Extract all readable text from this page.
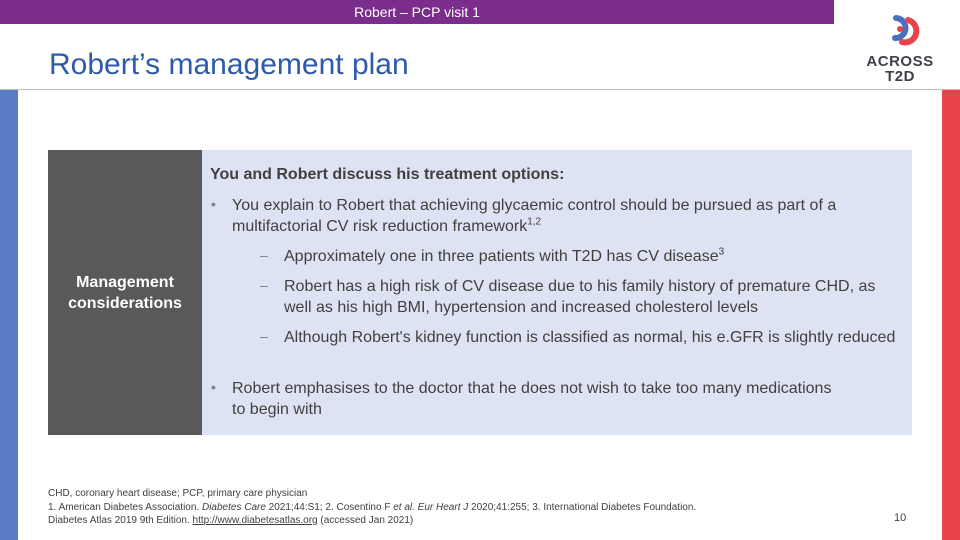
Robert – PCP visit 1
Robert’s management plan	ACROSS
T2D
Management
considerations
You and Robert discuss his treatment options:
• You explain to Robert that achieving glycaemic control should be pursued as part of a multifactorial CV risk reduction framework$^{1,2}$
– Approximately one in three patients with T2D has CV disease$^3$
– Robert has a high risk of CV disease due to his family history of premature CHD, as well as his high BMI, hypertension and increased cholesterol levels
– Although Robert's kidney function is classified as normal, his e.GFR is slightly reduced
• Robert emphasises to the doctor that he does not wish to take too many medications to begin with
CHD, coronary heart disease; PCP, primary care physician
1. American Diabetes Association. Diabetes Care 2021;44:S1; 2. Cosentino F et al. Eur Heart J 2020;41:255; 3. International Diabetes Foundation.
Diabetes Atlas 2019 9th Edition. http://www.diabetesatlas.org (accessed Jan 2021)	10
